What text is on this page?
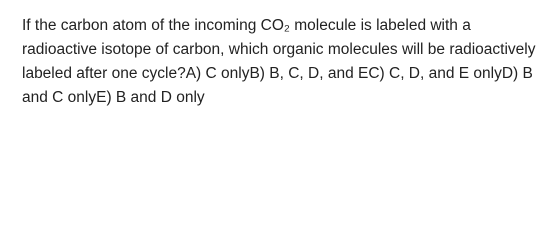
If the carbon atom of the incoming CO₂ molecule is labeled with a radioactive isotope of carbon, which organic molecules will be radioactively labeled after one cycle?A) C onlyB) B, C, D, and EC) C, D, and E onlyD) B and C onlyE) B and D only
